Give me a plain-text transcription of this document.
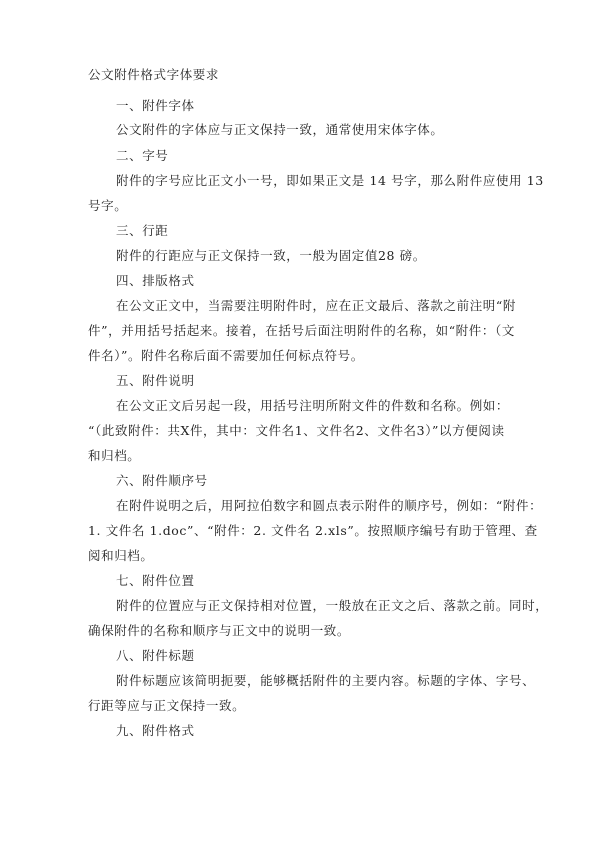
公文附件格式字体要求
一、附件字体
公文附件的字体应与正文保持一致，通常使用宋体字体。
二、字号
附件的字号应比正文小一号，即如果正文是 14 号字，那么附件应使用 13
号字。
三、行距
附件的行距应与正文保持一致，一般为固定值28 磅。
四、排版格式
在公文正文中，当需要注明附件时，应在正文最后、落款之前注明“附
件”，并用括号括起来。接着，在括号后面注明附件的名称，如“附件：（文
件名）”。附件名称后面不需要加任何标点符号。
五、附件说明
在公文正文后另起一段，用括号注明所附文件的件数和名称。例如：
“（此致附件：共X件，其中：文件名1、文件名2、文件名3）”以方便阅读
和归档。
六、附件顺序号
在附件说明之后，用阿拉伯数字和圆点表示附件的顺序号，例如：“附件：
1. 文件名 1.doc”、“附件：2. 文件名 2.xls”。按照顺序编号有助于管理、查
阅和归档。
七、附件位置
附件的位置应与正文保持相对位置，一般放在正文之后、落款之前。同时，
确保附件的名称和顺序与正文中的说明一致。
八、附件标题
附件标题应该简明扼要，能够概括附件的主要内容。标题的字体、字号、
行距等应与正文保持一致。
九、附件格式
